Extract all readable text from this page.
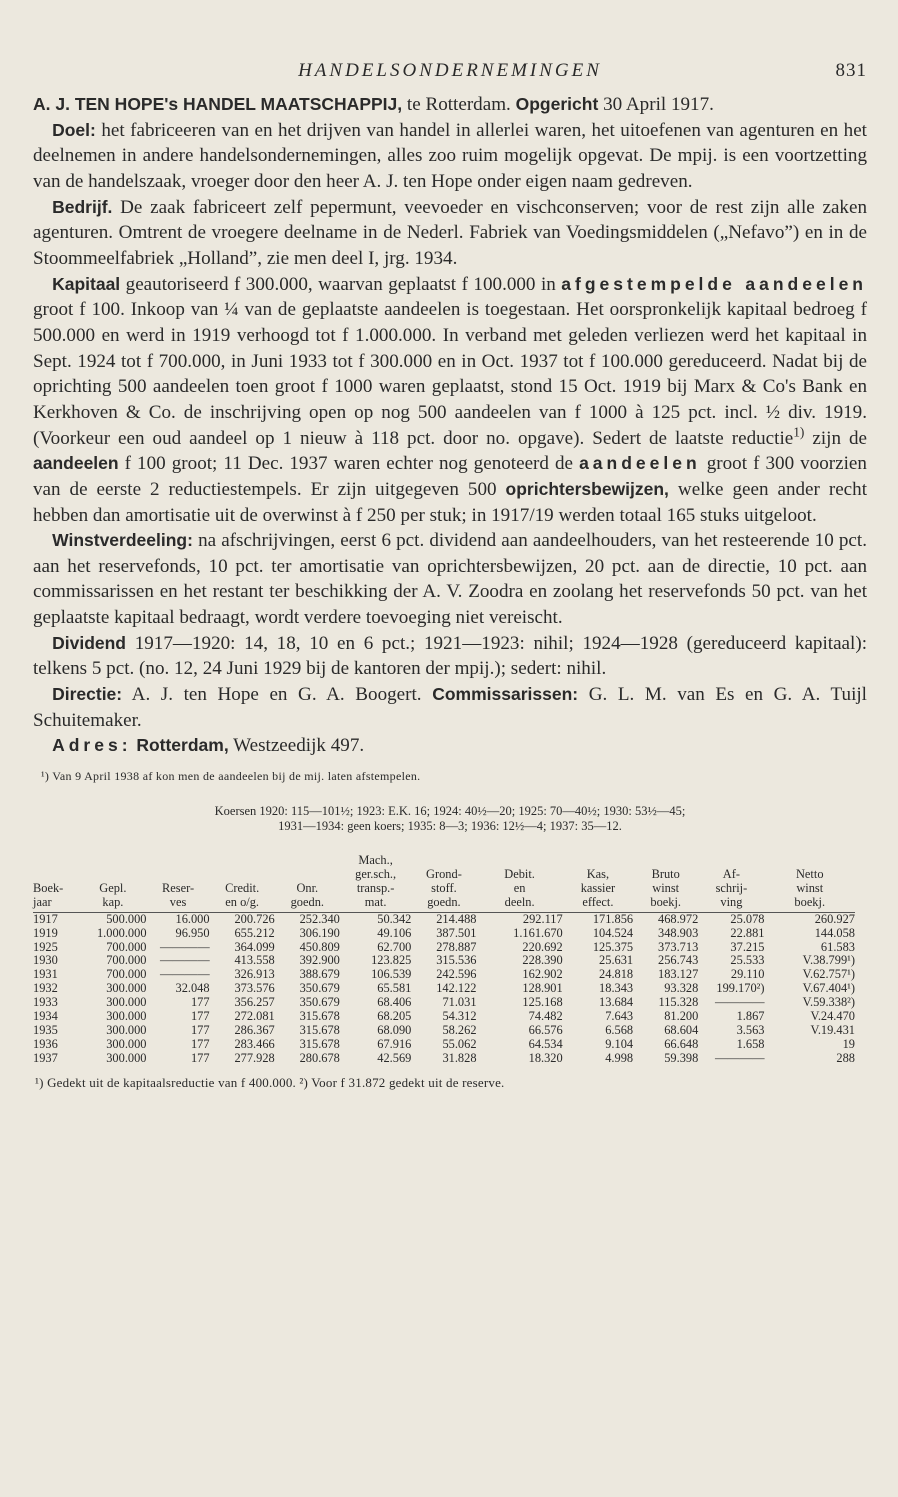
HANDELSONDERNEMINGEN	831

A. J. TEN HOPE's HANDEL MAATSCHAPPIJ, te Rotterdam. Opgericht 30 April 1917.
 Doel: het fabriceeren van en het drijven van handel in allerlei waren, het uitoefenen van agenturen en het deelnemen in andere handelsondernemingen, alles zoo ruim mogelijk opgevat. De mpij. is een voortzetting van de handelszaak, vroeger door den heer A. J. ten Hope onder eigen naam gedreven.
 Bedrijf. De zaak fabriceert zelf pepermunt, veevoeder en vischconserven; voor de rest zijn alle zaken agenturen. Omtrent de vroegere deelname in de Nederl. Fabriek van Voedingsmiddelen („Nefavo”) en in de Stoommeelfabriek „Holland”, zie men deel I, jrg. 1934.
 Kapitaal geautoriseerd f 300.000, waarvan geplaatst f 100.000 in afgestempelde aandeelen groot f 100. Inkoop van ¼ van de geplaatste aandeelen is toegestaan. Het oorspronkelijk kapitaal bedroeg f 500.000 en werd in 1919 verhoogd tot f 1.000.000. In verband met geleden verliezen werd het kapitaal in Sept. 1924 tot f 700.000, in Juni 1933 tot f 300.000 en in Oct. 1937 tot f 100.000 gereduceerd. Nadat bij de oprichting 500 aandeelen toen groot f 1000 waren geplaatst, stond 15 Oct. 1919 bij Marx & Co's Bank en Kerkhoven & Co. de inschrijving open op nog 500 aandeelen van f 1000 à 125 pct. incl. ½ div. 1919. (Voorkeur een oud aandeel op 1 nieuw à 118 pct. door no. opgave). Sedert de laatste reductie$^{1)}$ zijn de aandeelen f 100 groot; 11 Dec. 1937 waren echter nog genoteerd de aandeelen groot f 300 voorzien van de eerste 2 reductiestempels. Er zijn uitgegeven 500 oprichtersbewijzen, welke geen ander recht hebben dan amortisatie uit de overwinst à f 250 per stuk; in 1917/19 werden totaal 165 stuks uitgeloot.
 Winstverdeeling: na afschrijvingen, eerst 6 pct. dividend aan aandeelhouders, van het resteerende 10 pct. aan het reservefonds, 10 pct. ter amortisatie van oprichtersbewijzen, 20 pct. aan de directie, 10 pct. aan commissarissen en het restant ter beschikking der A. V. Zoodra en zoolang het reservefonds 50 pct. van het geplaatste kapitaal bedraagt, wordt verdere toevoeging niet vereischt.
 Dividend 1917—1920: 14, 18, 10 en 6 pct.; 1921—1923: nihil; 1924—1928 (gereduceerd kapitaal): telkens 5 pct. (no. 12, 24 Juni 1929 bij de kantoren der mpij.); sedert: nihil.
 Directie: A. J. ten Hope en G. A. Boogert. Commissarissen: G. L. M. van Es en G. A. Tuijl Schuitemaker.
 Adres: Rotterdam, Westzeedijk 497.

¹) Van 9 April 1938 af kon men de aandeelen bij de mij. laten afstempelen.

Koersen 1920: 115—101½; 1923: E.K. 16; 1924: 40½—20; 1925: 70—40½; 1930: 53½—45;
1931—1934: geen koers; 1935: 8—3; 1936: 12½—4; 1937: 35—12.
					Mach.,						
					ger.sch.,	Grond-	Debit.	Kas,	Bruto	Af-	Netto
Boek-	Gepl.	Reser-	Credit.	Onr.	transp.-	stoff.	en	kassier	winst	schrij-	winst
jaar	kap.	ves	en o/g.	goedn.	mat.	goedn.	deeln.	effect.	boekj.	ving	boekj.
1917	500.000	16.000	200.726	252.340	50.342	214.488	292.117	171.856	468.972	25.078	260.927
1919	1.000.000	96.950	655.212	306.190	49.106	387.501	1.161.670	104.524	348.903	22.881	144.058
1925	700.000	————	364.099	450.809	62.700	278.887	220.692	125.375	373.713	37.215	61.583
1930	700.000	————	413.558	392.900	123.825	315.536	228.390	25.631	256.743	25.533	V.38.799¹)
1931	700.000	————	326.913	388.679	106.539	242.596	162.902	24.818	183.127	29.110	V.62.757¹)
1932	300.000	32.048	373.576	350.679	65.581	142.122	128.901	18.343	93.328	199.170²)	V.67.404¹)
1933	300.000	177	356.257	350.679	68.406	71.031	125.168	13.684	115.328	————	V.59.338²)
1934	300.000	177	272.081	315.678	68.205	54.312	74.482	7.643	81.200	1.867	V.24.470
1935	300.000	177	286.367	315.678	68.090	58.262	66.576	6.568	68.604	3.563	V.19.431
1936	300.000	177	283.466	315.678	67.916	55.062	64.534	9.104	66.648	1.658	19
1937	300.000	177	277.928	280.678	42.569	31.828	18.320	4.998	59.398	————	288

¹) Gedekt uit de kapitaalsreductie van f 400.000. ²) Voor f 31.872 gedekt uit de reserve.
